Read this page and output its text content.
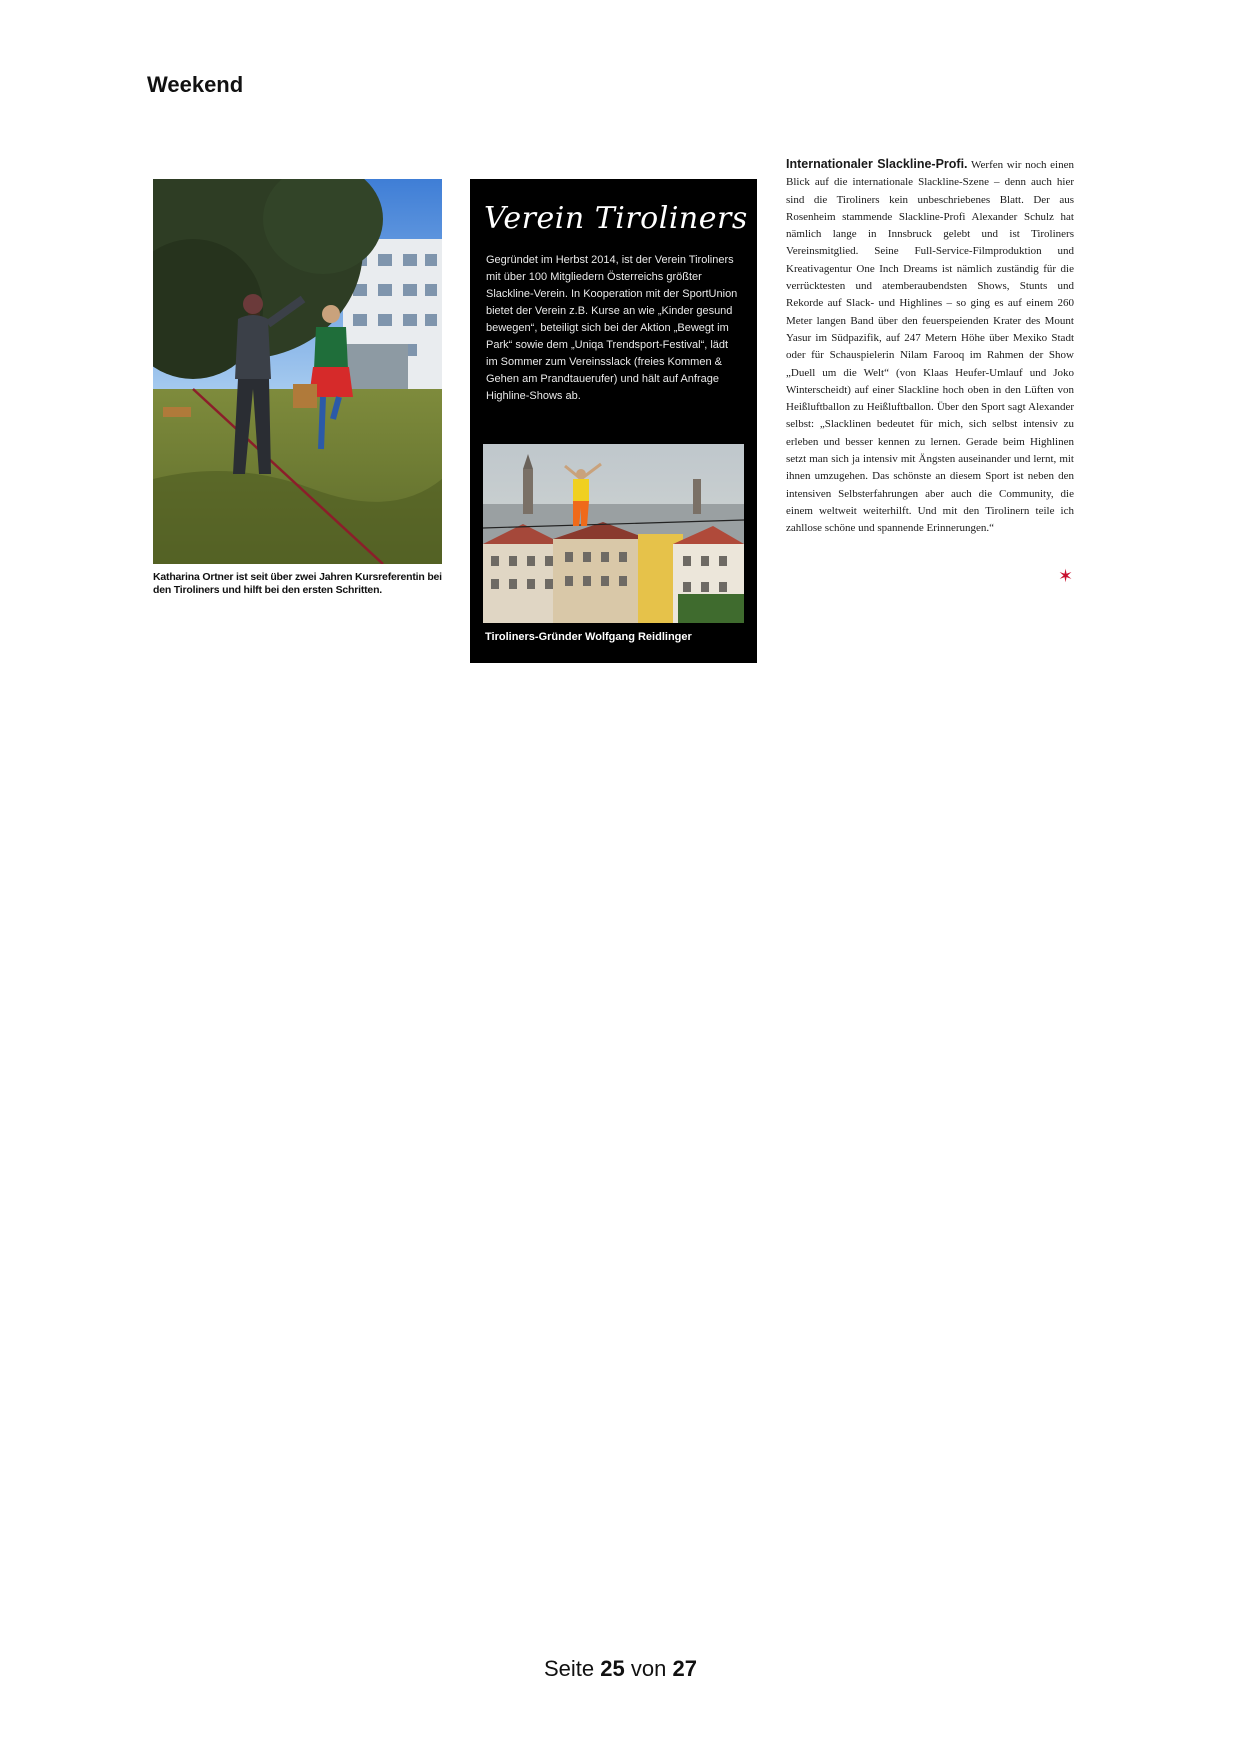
Weekend
Katharina Ortner ist seit über zwei Jahren Kursreferentin bei den Tiroliners und hilft bei den ersten Schritten.
Verein Tiroliners
Gegründet im Herbst 2014, ist der Verein Tiroliners mit über 100 Mitgliedern Österreichs größter Slackline-Verein. In Kooperation mit der SportUnion bietet der Verein z.B. Kurse an wie „Kinder gesund bewegen“, beteiligt sich bei der Aktion „Bewegt im Park“ sowie dem „Uniqa Trendsport-Festival“, lädt im Sommer zum Vereinsslack (freies Kommen & Gehen am Prandtauerufer) und hält auf Anfrage Highline-Shows ab.
Tiroliners-Gründer Wolfgang Reidlinger
Internationaler Slackline-Profi. Werfen wir noch einen Blick auf die internationale Slackline-Szene – denn auch hier sind die Tiroliners kein unbeschriebenes Blatt. Der aus Rosenheim stammende Slackline-Profi Alexander Schulz hat nämlich lange in Innsbruck gelebt und ist Tiroliners Vereinsmitglied. Seine Full-Service-Filmproduktion und Kreativagentur One Inch Dreams ist nämlich zuständig für die verrücktesten und atemberaubendsten Shows, Stunts und Rekorde auf Slack- und Highlines – so ging es auf einem 260 Meter langen Band über den feuerspeienden Krater des Mount Yasur im Südpazifik, auf 247 Metern Höhe über Mexiko Stadt oder für Schauspielerin Nilam Farooq im Rahmen der Show „Duell um die Welt“ (von Klaas Heufer-Umlauf und Joko Winterscheidt) auf einer Slackline hoch oben in den Lüften von Heißluftballon zu Heißluftballon. Über den Sport sagt Alexander selbst: „Slacklinen bedeutet für mich, sich selbst intensiv zu erleben und besser kennen zu lernen. Gerade beim Highlinen setzt man sich ja intensiv mit Ängsten auseinander und lernt, mit ihnen umzugehen. Das schönste an diesem Sport ist neben den intensiven Selbsterfahrungen aber auch die Community, die einem weltweit weiterhilft. Und mit den Tirolinern teile ich zahllose schöne und spannende Erinnerungen.“
✶
Seite 25 von 27
